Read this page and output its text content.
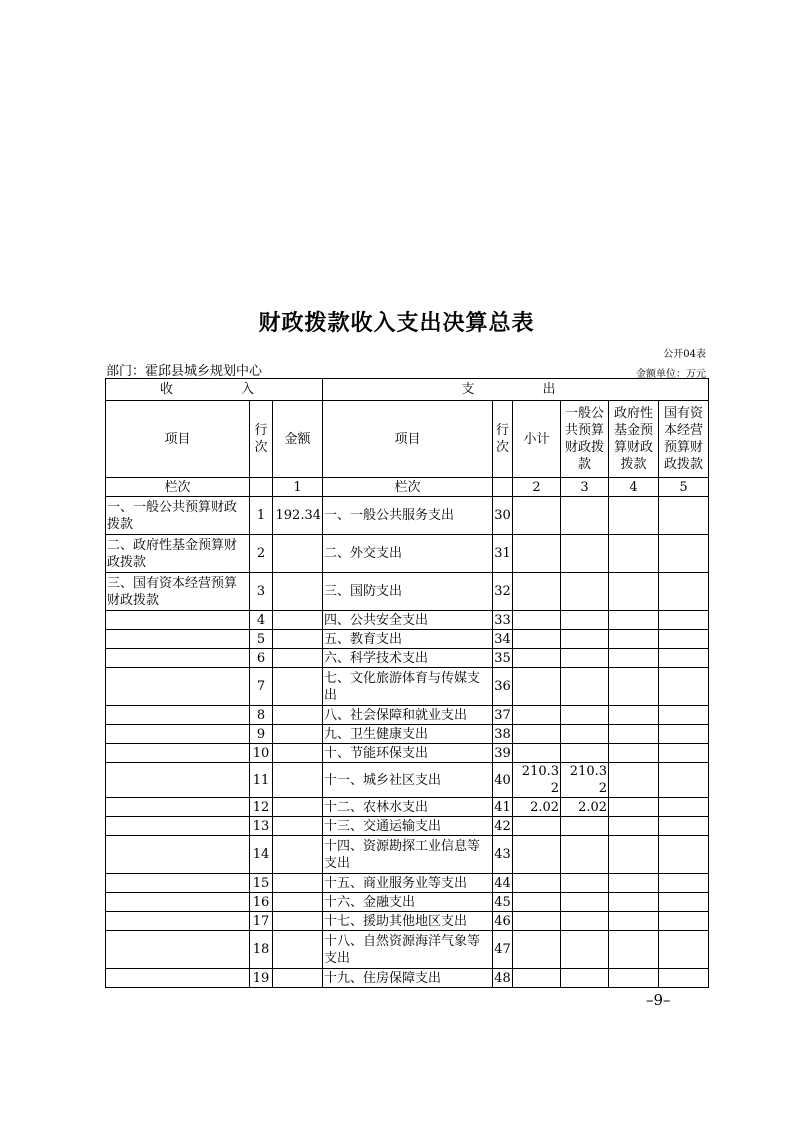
财政拨款收入支出决算总表
公开04表
部门：霍邱县城乡规划中心	金额单位：万元
收　　入			支　　出					
项目	行次	金额	项目	行次	小计	一般公共预算财政拨款	政府性基金预算财政拨款	国有资本经营预算财政拨款
栏次		1	栏次		2	3	4	5
一、一般公共预算财政拨款	1	192.34	一、一般公共服务支出	30				
二、政府性基金预算财政拨款	2		二、外交支出	31				
三、国有资本经营预算财政拨款	3		三、国防支出	32				
	4		四、公共安全支出	33				
	5		五、教育支出	34				
	6		六、科学技术支出	35				
	7		七、文化旅游体育与传媒支出	36				
	8		八、社会保障和就业支出	37				
	9		九、卫生健康支出	38				
	10		十、节能环保支出	39				
	11		十一、城乡社区支出	40	210.32	210.32		
	12		十二、农林水支出	41	2.02	2.02		
	13		十三、交通运输支出	42				
	14		十四、资源勘探工业信息等支出	43				
	15		十五、商业服务业等支出	44				
	16		十六、金融支出	45				
	17		十七、援助其他地区支出	46				
	18		十八、自然资源海洋气象等支出	47				
	19		十九、住房保障支出	48				
–9–
